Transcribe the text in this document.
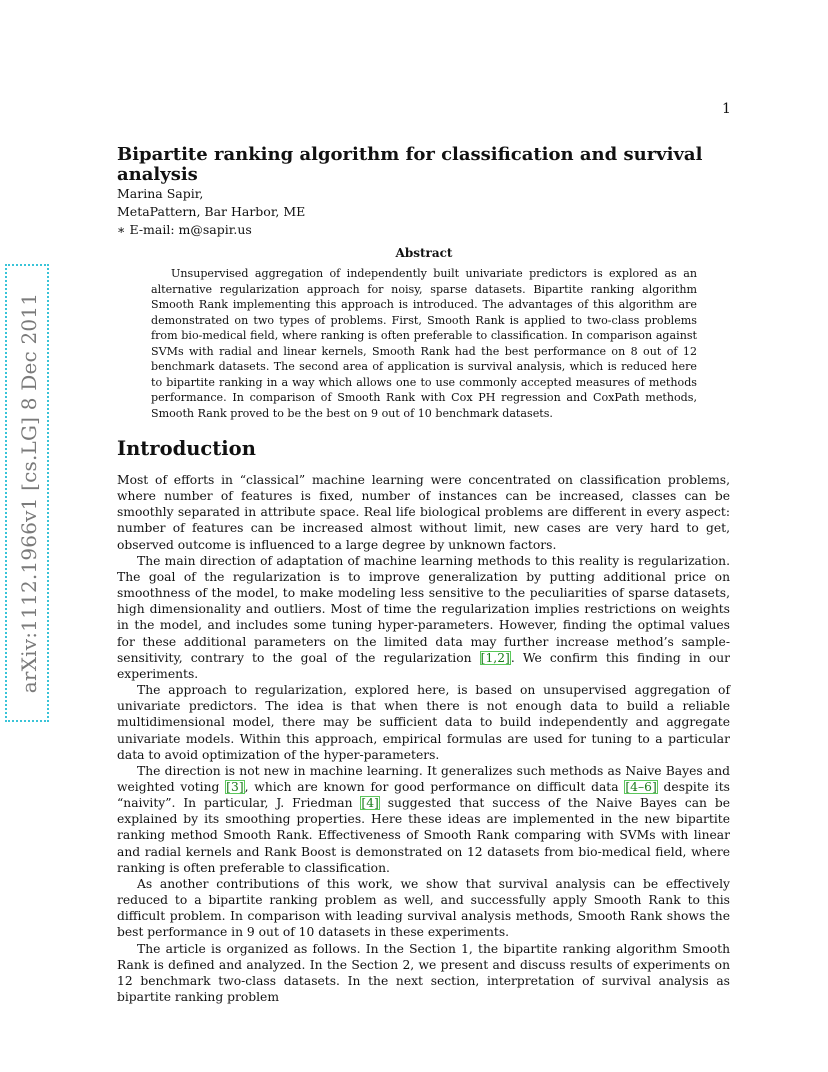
1
arXiv:1112.1966v1 [cs.LG] 8 Dec 2011
Bipartite ranking algorithm for classification and survival analysis
Marina Sapir,
MetaPattern, Bar Harbor, ME
∗ E-mail: m@sapir.us
Abstract

Unsupervised aggregation of independently built univariate predictors is explored as an alternative regularization approach for noisy, sparse datasets. Bipartite ranking algorithm Smooth Rank implementing this approach is introduced. The advantages of this algorithm are demonstrated on two types of problems. First, Smooth Rank is applied to two-class problems from bio-medical field, where ranking is often preferable to classification. In comparison against SVMs with radial and linear kernels, Smooth Rank had the best performance on 8 out of 12 benchmark datasets. The second area of application is survival analysis, which is reduced here to bipartite ranking in a way which allows one to use commonly accepted measures of methods performance. In comparison of Smooth Rank with Cox PH regression and CoxPath methods, Smooth Rank proved to be the best on 9 out of 10 benchmark datasets.

Introduction

Most of efforts in “classical” machine learning were concentrated on classification problems, where number of features is fixed, number of instances can be increased, classes can be smoothly separated in attribute space. Real life biological problems are different in every aspect: number of features can be increased almost without limit, new cases are very hard to get, observed outcome is influenced to a large degree by unknown factors.

The main direction of adaptation of machine learning methods to this reality is regularization. The goal of the regularization is to improve generalization by putting additional price on smoothness of the model, to make modeling less sensitive to the peculiarities of sparse datasets, high dimensionality and outliers. Most of time the regularization implies restrictions on weights in the model, and includes some tuning hyper-parameters. However, finding the optimal values for these additional parameters on the limited data may further increase method’s sample-sensitivity, contrary to the goal of the regularization [1,2]. We confirm this finding in our experiments.

The approach to regularization, explored here, is based on unsupervised aggregation of univariate predictors. The idea is that when there is not enough data to build a reliable multidimensional model, there may be sufficient data to build independently and aggregate univariate models. Within this approach, empirical formulas are used for tuning to a particular data to avoid optimization of the hyper-parameters.

The direction is not new in machine learning. It generalizes such methods as Naive Bayes and weighted voting [3], which are known for good performance on difficult data [4–6] despite its “naivity”. In particular, J. Friedman [4] suggested that success of the Naive Bayes can be explained by its smoothing properties. Here these ideas are implemented in the new bipartite ranking method Smooth Rank. Effectiveness of Smooth Rank comparing with SVMs with linear and radial kernels and Rank Boost is demonstrated on 12 datasets from bio-medical field, where ranking is often preferable to classification.

As another contributions of this work, we show that survival analysis can be effectively reduced to a bipartite ranking problem as well, and successfully apply Smooth Rank to this difficult problem. In comparison with leading survival analysis methods, Smooth Rank shows the best performance in 9 out of 10 datasets in these experiments.

The article is organized as follows. In the Section 1, the bipartite ranking algorithm Smooth Rank is defined and analyzed. In the Section 2, we present and discuss results of experiments on 12 benchmark two-class datasets. In the next section, interpretation of survival analysis as bipartite ranking problem
